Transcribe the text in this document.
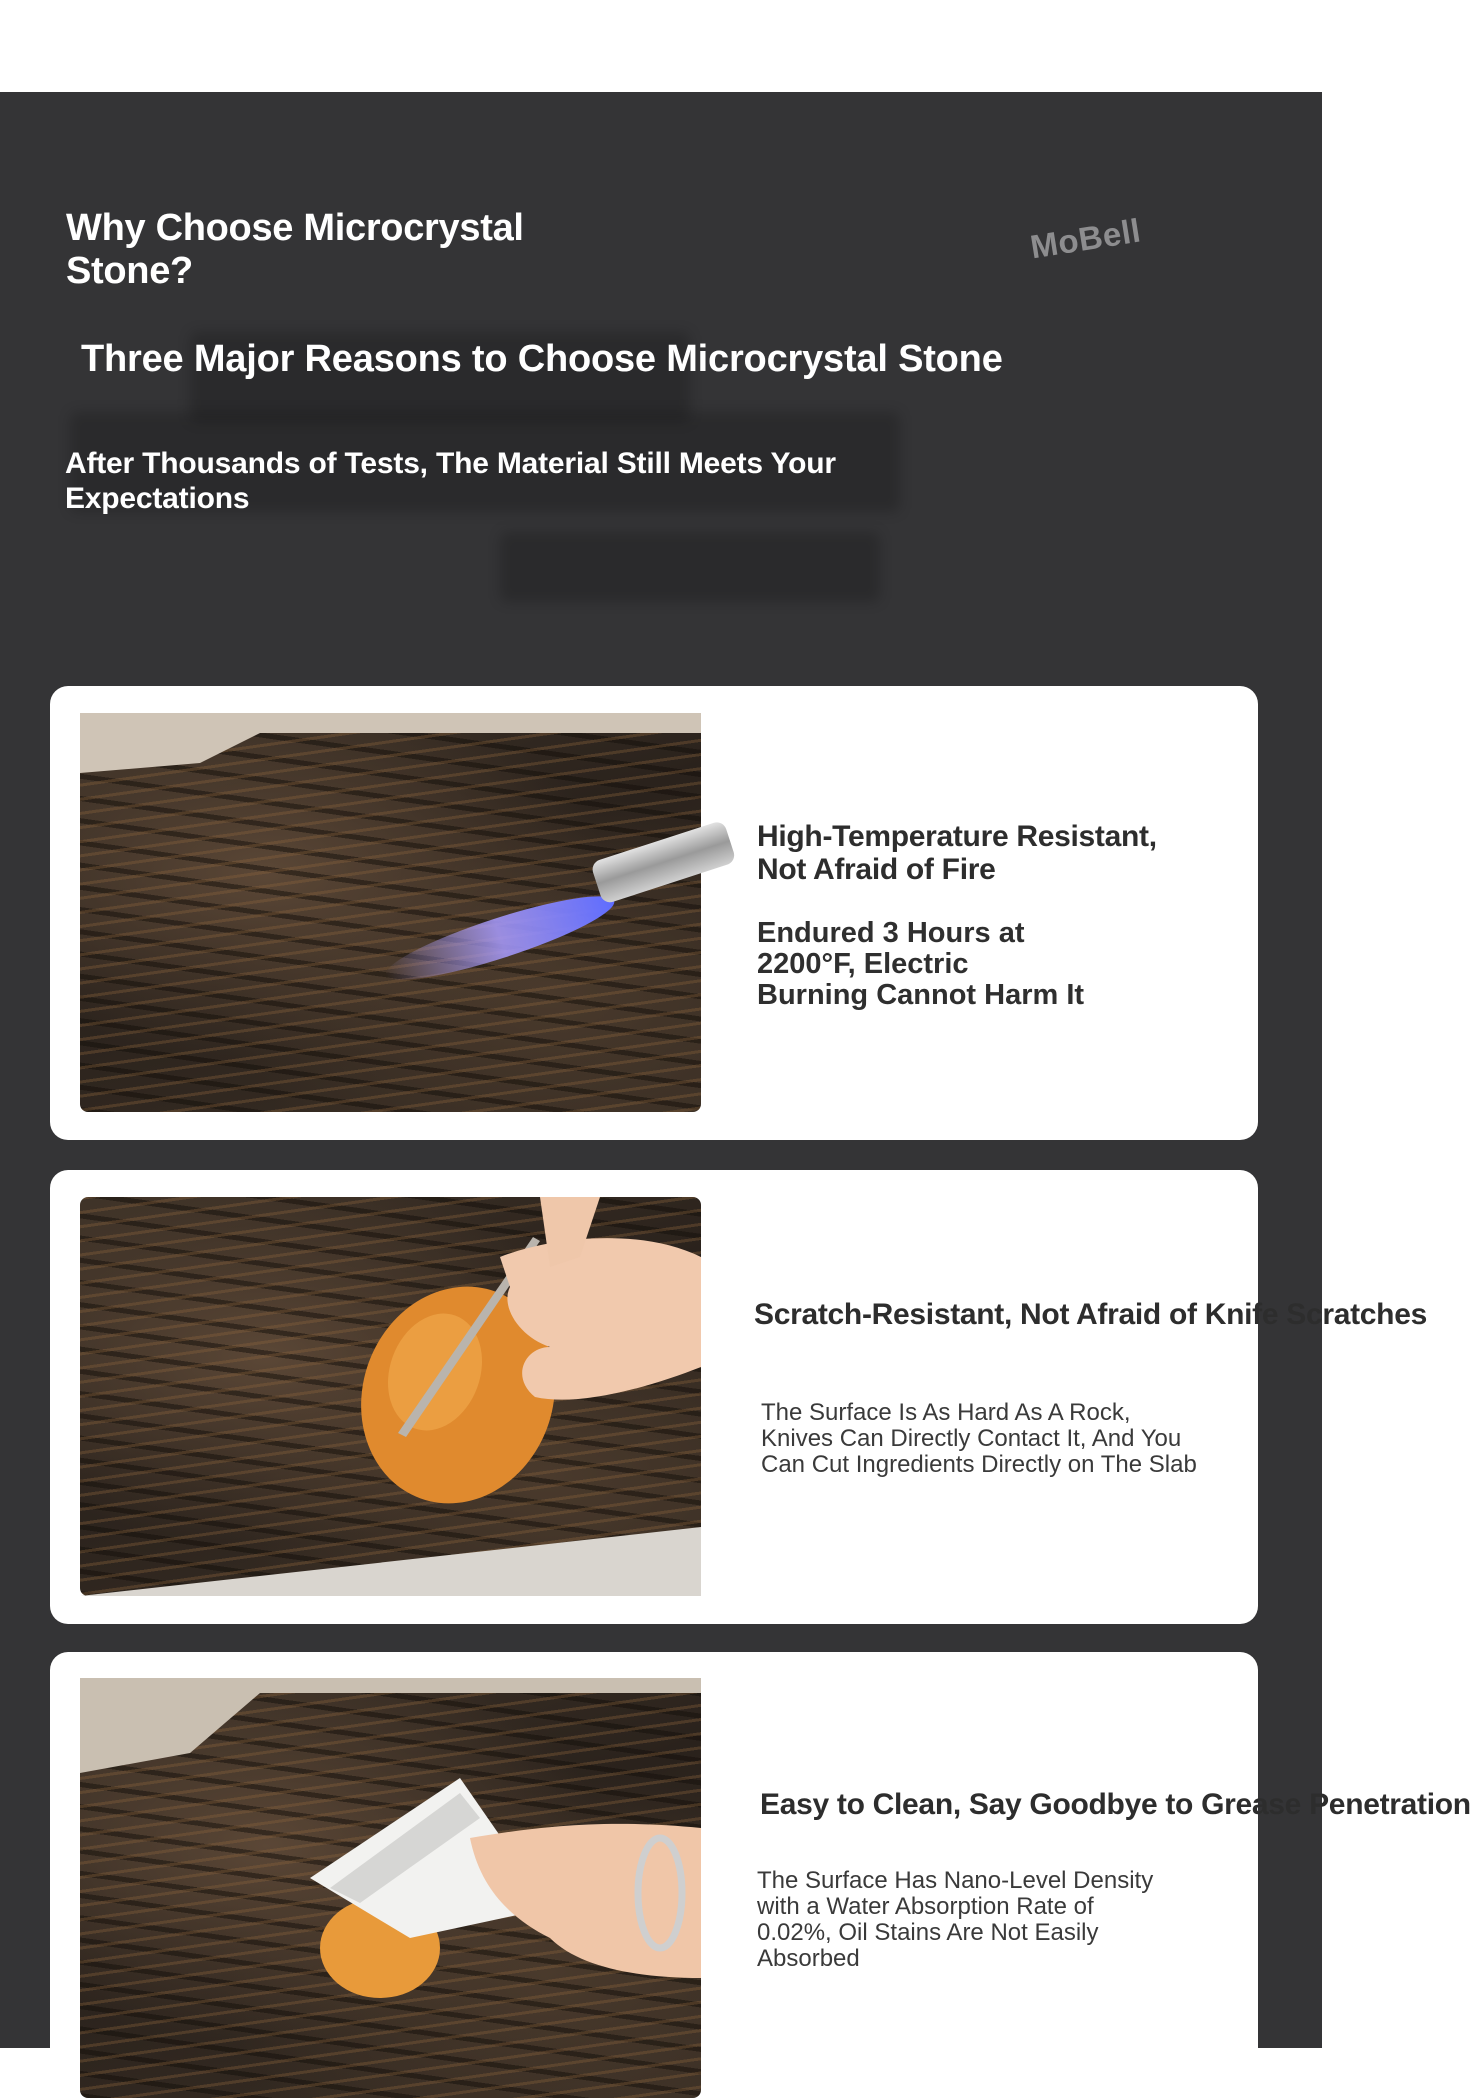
Why Choose Microcrystal Stone?
MoBell
Three Major Reasons to Choose Microcrystal Stone
After Thousands of Tests, The Material Still Meets Your Expectations
High-Temperature Resistant,
Not Afraid of Fire

Endured 3 Hours at
2200°F, Electric
Burning Cannot Harm It

Scratch-Resistant, Not Afraid of Knife Scratches

The Surface Is As Hard As A Rock,
Knives Can Directly Contact It, And You
Can Cut Ingredients Directly on The Slab

Easy to Clean, Say Goodbye to Grease Penetration

The Surface Has Nano-Level Density
with a Water Absorption Rate of
0.02%, Oil Stains Are Not Easily
Absorbed
